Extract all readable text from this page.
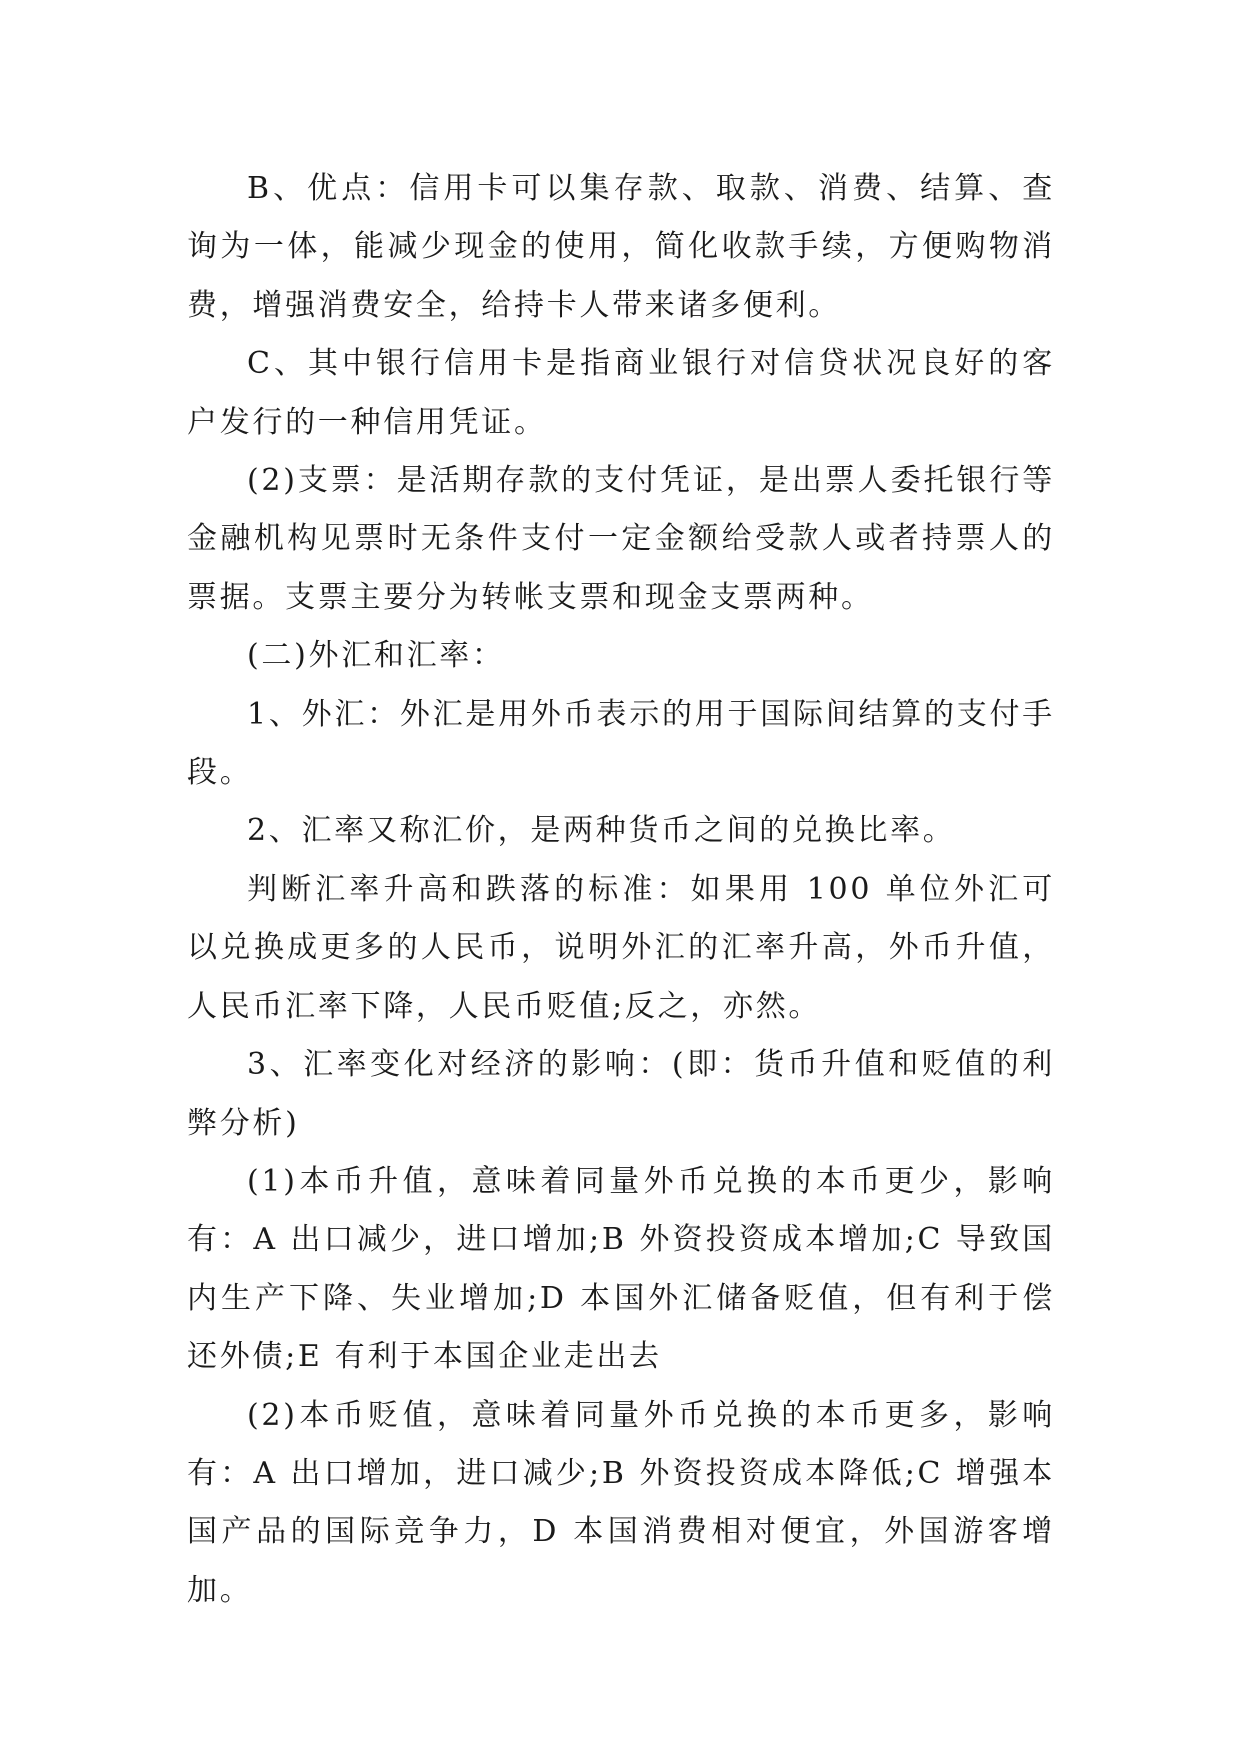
B、优点：信用卡可以集存款、取款、消费、结算、查询为一体，能减少现金的使用，简化收款手续，方便购物消费，增强消费安全，给持卡人带来诸多便利。

C、其中银行信用卡是指商业银行对信贷状况良好的客户发行的一种信用凭证。

(2)支票：是活期存款的支付凭证，是出票人委托银行等金融机构见票时无条件支付一定金额给受款人或者持票人的票据。支票主要分为转帐支票和现金支票两种。

(二)外汇和汇率：

1、外汇：外汇是用外币表示的用于国际间结算的支付手段。

2、汇率又称汇价，是两种货币之间的兑换比率。

判断汇率升高和跌落的标准：如果用 100 单位外汇可以兑换成更多的人民币，说明外汇的汇率升高，外币升值，人民币汇率下降，人民币贬值;反之，亦然。

3、汇率变化对经济的影响：(即：货币升值和贬值的利弊分析)

(1)本币升值，意味着同量外币兑换的本币更少，影响有：A 出口减少，进口增加;B 外资投资成本增加;C 导致国内生产下降、失业增加;D 本国外汇储备贬值，但有利于偿还外债;E 有利于本国企业走出去

(2)本币贬值，意味着同量外币兑换的本币更多，影响有：A 出口增加，进口减少;B 外资投资成本降低;C 增强本国产品的国际竞争力，D 本国消费相对便宜，外国游客增加。
